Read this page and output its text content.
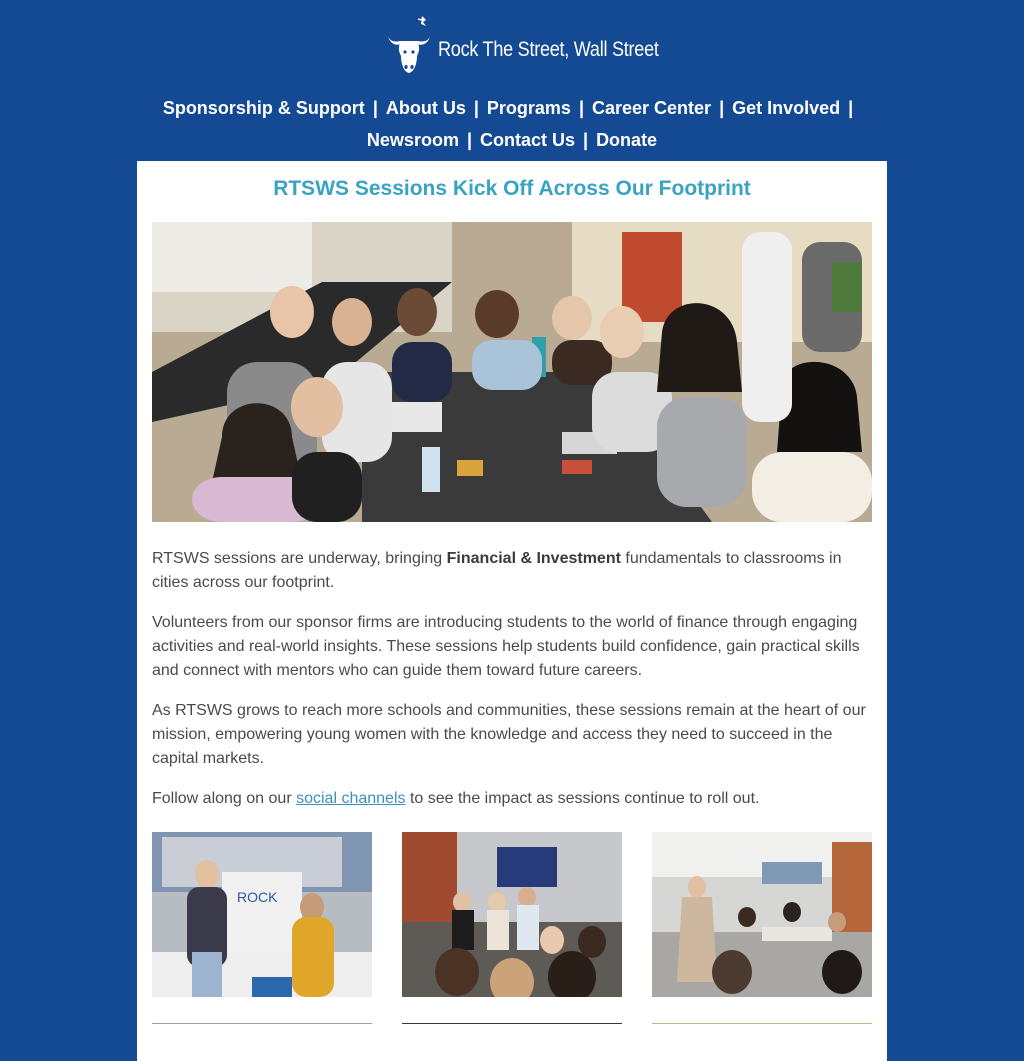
Rock The Street, Wall Street
Sponsorship & Support | About Us | Programs | Career Center | Get Involved |
Newsroom | Contact Us | Donate
RTSWS Sessions Kick Off Across Our Footprint

RTSWS sessions are underway, bringing Financial & Investment fundamentals to classrooms in cities across our footprint.

Volunteers from our sponsor firms are introducing students to the world of finance through engaging activities and real-world insights. These sessions help students build confidence, gain practical skills and connect with mentors who can guide them toward future careers.

As RTSWS grows to reach more schools and communities, these sessions remain at the heart of our mission, empowering young women with the knowledge and access they need to succeed in the capital markets.

Follow along on our social channels to see the impact as sessions continue to roll out.

ROCK
